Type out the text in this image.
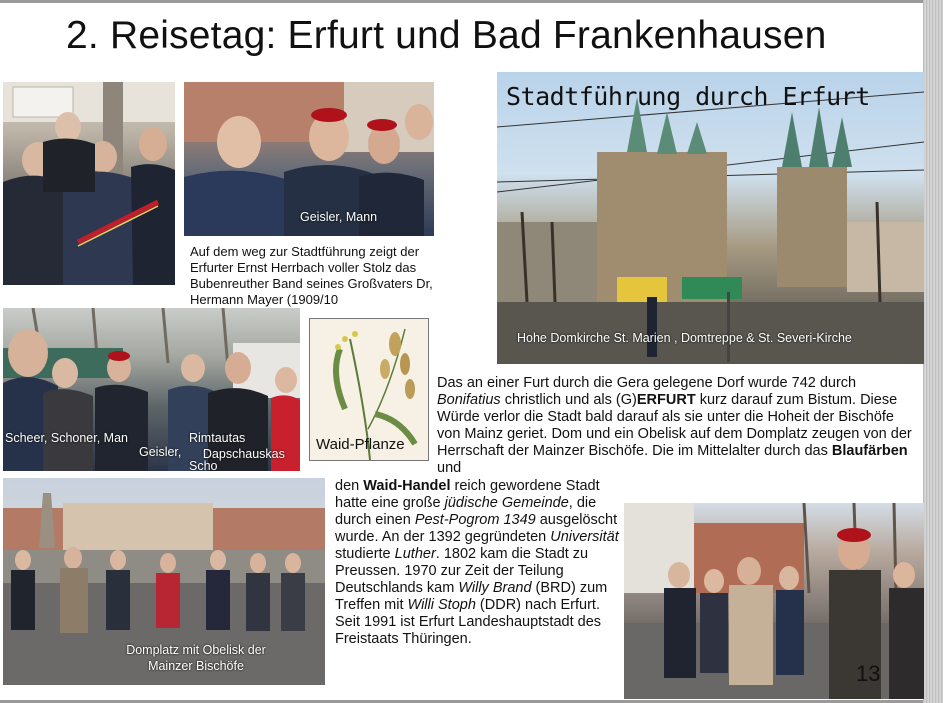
2. Reisetag: Erfurt und Bad Frankenhausen
Geisler, Mann
Auf dem weg zur Stadtführung zeigt der Erfurter Ernst Herrbach voller Stolz das Bubenreuther Band seines Großvaters Dr, Hermann Mayer (1909/10
Hohe Domkirche St. Marien , Domtreppe & St. Severi-Kirche
Stadtführung durch Erfurt
Scheer, Schoner, Man
Geisler,
Rimtautas
Dapschauskas
Scho
Waid-Pflanze
Das an einer Furt durch die Gera gelegene Dorf wurde 742 durch Bonifatius christlich und als (G)ERFURT kurz darauf zum Bistum. Diese Würde verlor die Stadt bald darauf als sie unter die Hoheit der Bischöfe von Mainz geriet. Dom und ein Obelisk auf dem Domplatz zeugen von der Herrschaft der Mainzer Bischöfe. Die im Mittelalter durch das Blaufärben und
Domplatz mit Obelisk der
Mainzer Bischöfe
den Waid-Handel reich gewordene Stadt hatte eine große jüdische Gemeinde, die durch einen Pest-Pogrom 1349 ausgelöscht wurde. An der 1392 gegründeten Universität studierte Luther. 1802 kam die Stadt zu Preussen. 1970 zur Zeit der Teilung Deutschlands kam Willy Brand (BRD) zum Treffen mit Willi Stoph (DDR) nach Erfurt. Seit 1991 ist Erfurt Landeshauptstadt des Freistaats Thüringen.
13
